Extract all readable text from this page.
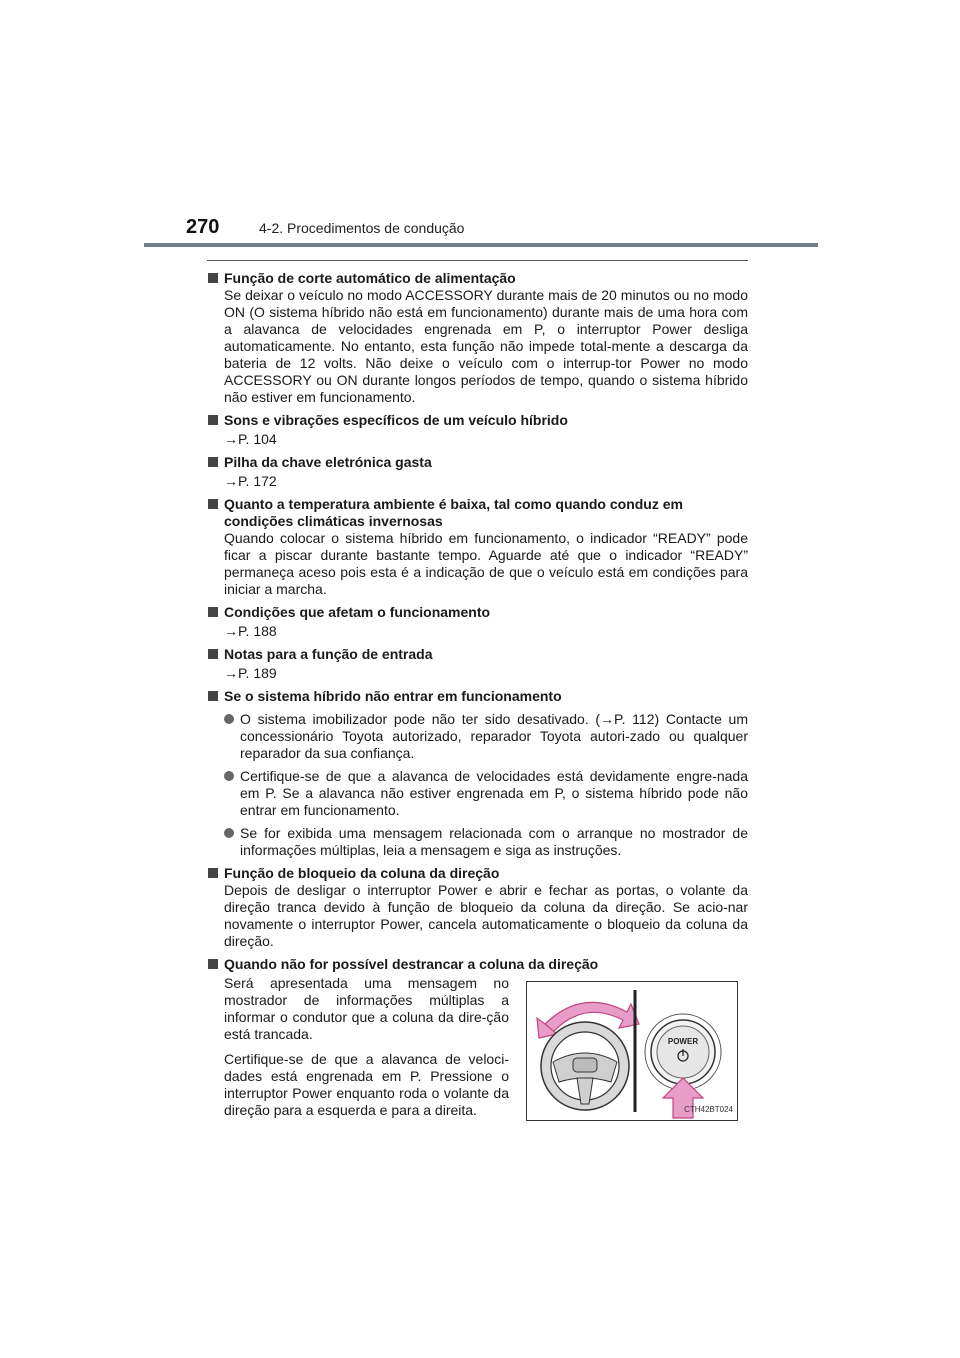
270	4-2. Procedimentos de condução
Função de corte automático de alimentação
Se deixar o veículo no modo ACCESSORY durante mais de 20 minutos ou no modo ON (O sistema híbrido não está em funcionamento) durante mais de uma hora com a alavanca de velocidades engrenada em P, o interruptor Power desliga automaticamente. No entanto, esta função não impede total-mente a descarga da bateria de 12 volts. Não deixe o veículo com o interrup-tor Power no modo ACCESSORY ou ON durante longos períodos de tempo, quando o sistema híbrido não estiver em funcionamento.
Sons e vibrações específicos de um veículo híbrido
→P. 104
Pilha da chave eletrónica gasta
→P. 172
Quanto a temperatura ambiente é baixa, tal como quando conduz em condições climáticas invernosas
Quando colocar o sistema híbrido em funcionamento, o indicador “READY” pode ficar a piscar durante bastante tempo. Aguarde até que o indicador “READY” permaneça aceso pois esta é a indicação de que o veículo está em condições para iniciar a marcha.
Condições que afetam o funcionamento
→P. 188
Notas para a função de entrada
→P. 189
Se o sistema híbrido não entrar em funcionamento
O sistema imobilizador pode não ter sido desativado. (→P. 112) Contacte um concessionário Toyota autorizado, reparador Toyota autori-zado ou qualquer reparador da sua confiança.
Certifique-se de que a alavanca de velocidades está devidamente engre-nada em P. Se a alavanca não estiver engrenada em P, o sistema híbrido pode não entrar em funcionamento.
Se for exibida uma mensagem relacionada com o arranque no mostrador de informações múltiplas, leia a mensagem e siga as instruções.
Função de bloqueio da coluna da direção
Depois de desligar o interruptor Power e abrir e fechar as portas, o volante da direção tranca devido à função de bloqueio da coluna da direção. Se acio-nar novamente o interruptor Power, cancela automaticamente o bloqueio da coluna da direção.
Quando não for possível destrancar a coluna da direção

Será apresentada uma mensagem no mostrador de informações múltiplas a informar o condutor que a coluna da dire-ção está trancada.

Certifique-se de que a alavanca de veloci-dades está engrenada em P. Pressione o interruptor Power enquanto roda o volante da direção para a esquerda e para a direita.

POWER
CTH42BT024
